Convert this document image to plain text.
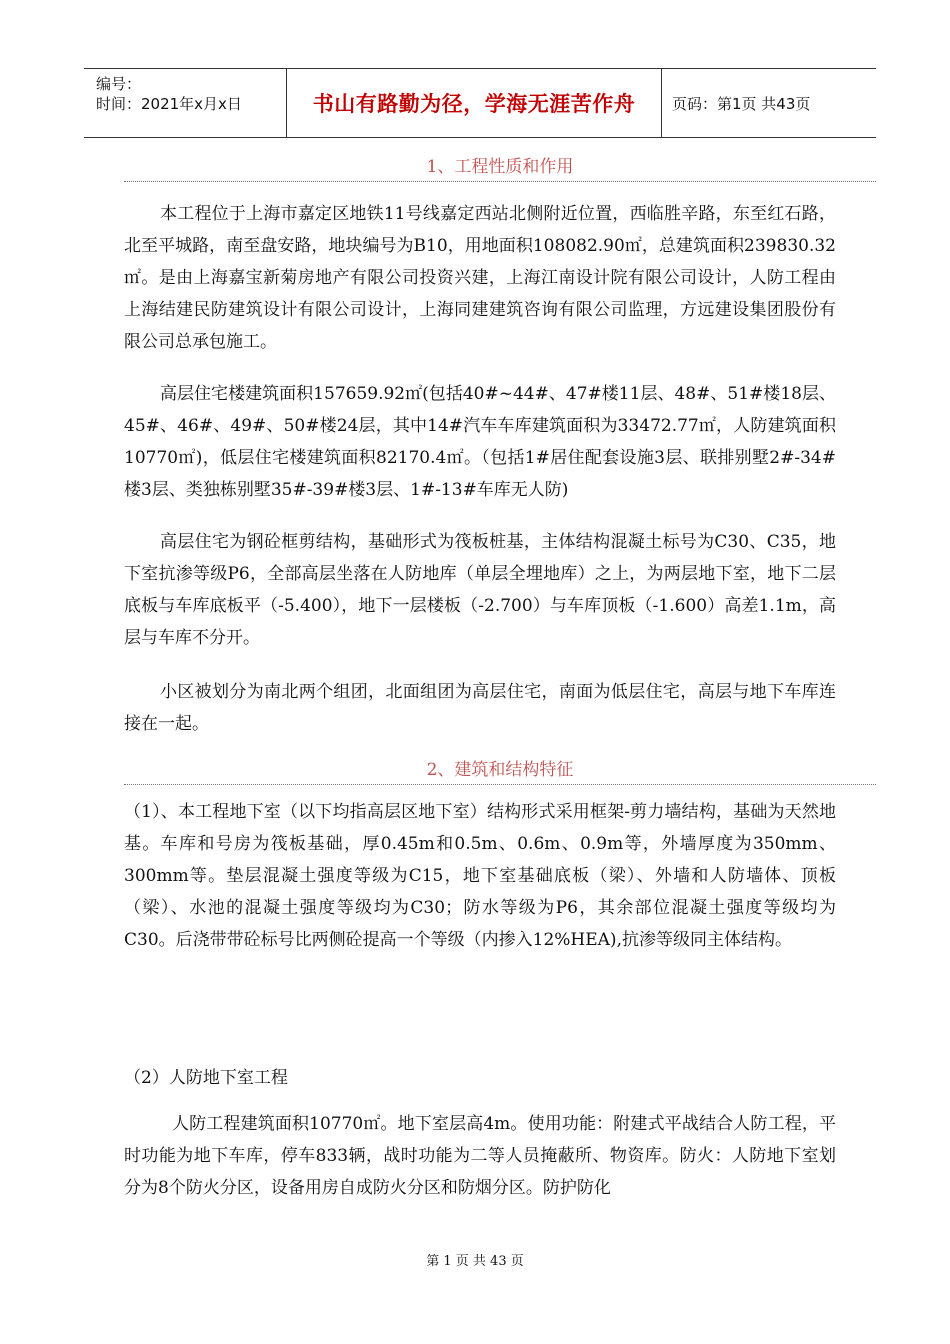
编号：
时间：2021年x月x日	书山有路勤为径，学海无涯苦作舟 页码：第1页 共43页
1、工程性质和作用
本工程位于上海市嘉定区地铁11号线嘉定西站北侧附近位置，西临胜辛路，东至红石路，北至平城路，南至盘安路，地块编号为B10，用地面积108082.90㎡，总建筑面积239830.32㎡。是由上海嘉宝新菊房地产有限公司投资兴建，上海江南设计院有限公司设计，人防工程由上海结建民防建筑设计有限公司设计，上海同建建筑咨询有限公司监理，方远建设集团股份有限公司总承包施工。
高层住宅楼建筑面积157659.92㎡(包括40#~44#、47#楼11层、48#、51#楼18层、45#、46#、49#、50#楼24层，其中14#汽车车库建筑面积为33472.77㎡，人防建筑面积10770㎡)，低层住宅楼建筑面积82170.4㎡。（包括1#居住配套设施3层、联排别墅2#-34#楼3层、类独栋别墅35#-39#楼3层、1#-13#车库无人防)
高层住宅为钢砼框剪结构，基础形式为筏板桩基，主体结构混凝土标号为C30、C35，地下室抗渗等级P6，全部高层坐落在人防地库（单层全埋地库）之上，为两层地下室，地下二层底板与车库底板平（-5.400），地下一层楼板（-2.700）与车库顶板（-1.600）高差1.1m，高层与车库不分开。
小区被划分为南北两个组团，北面组团为高层住宅，南面为低层住宅，高层与地下车库连接在一起。
2、建筑和结构特征
（1）、本工程地下室（以下均指高层区地下室）结构形式采用框架-剪力墙结构，基础为天然地基。车库和号房为筏板基础，厚0.45m和0.5m、0.6m、0.9m等，外墙厚度为350mm、300mm等。垫层混凝土强度等级为C15，地下室基础底板（梁）、外墙和人防墙体、顶板（梁）、水池的混凝土强度等级均为C30；防水等级为P6，其余部位混凝土强度等级均为C30。后浇带带砼标号比两侧砼提高一个等级（内掺入12%HEA),抗渗等级同主体结构。
（2）人防地下室工程
人防工程建筑面积10770㎡。地下室层高4m。使用功能：附建式平战结合人防工程，平时功能为地下车库，停车833辆，战时功能为二等人员掩蔽所、物资库。防火：人防地下室划分为8个防火分区，设备用房自成防火分区和防烟分区。防护防化
第 1 页 共 43 页
